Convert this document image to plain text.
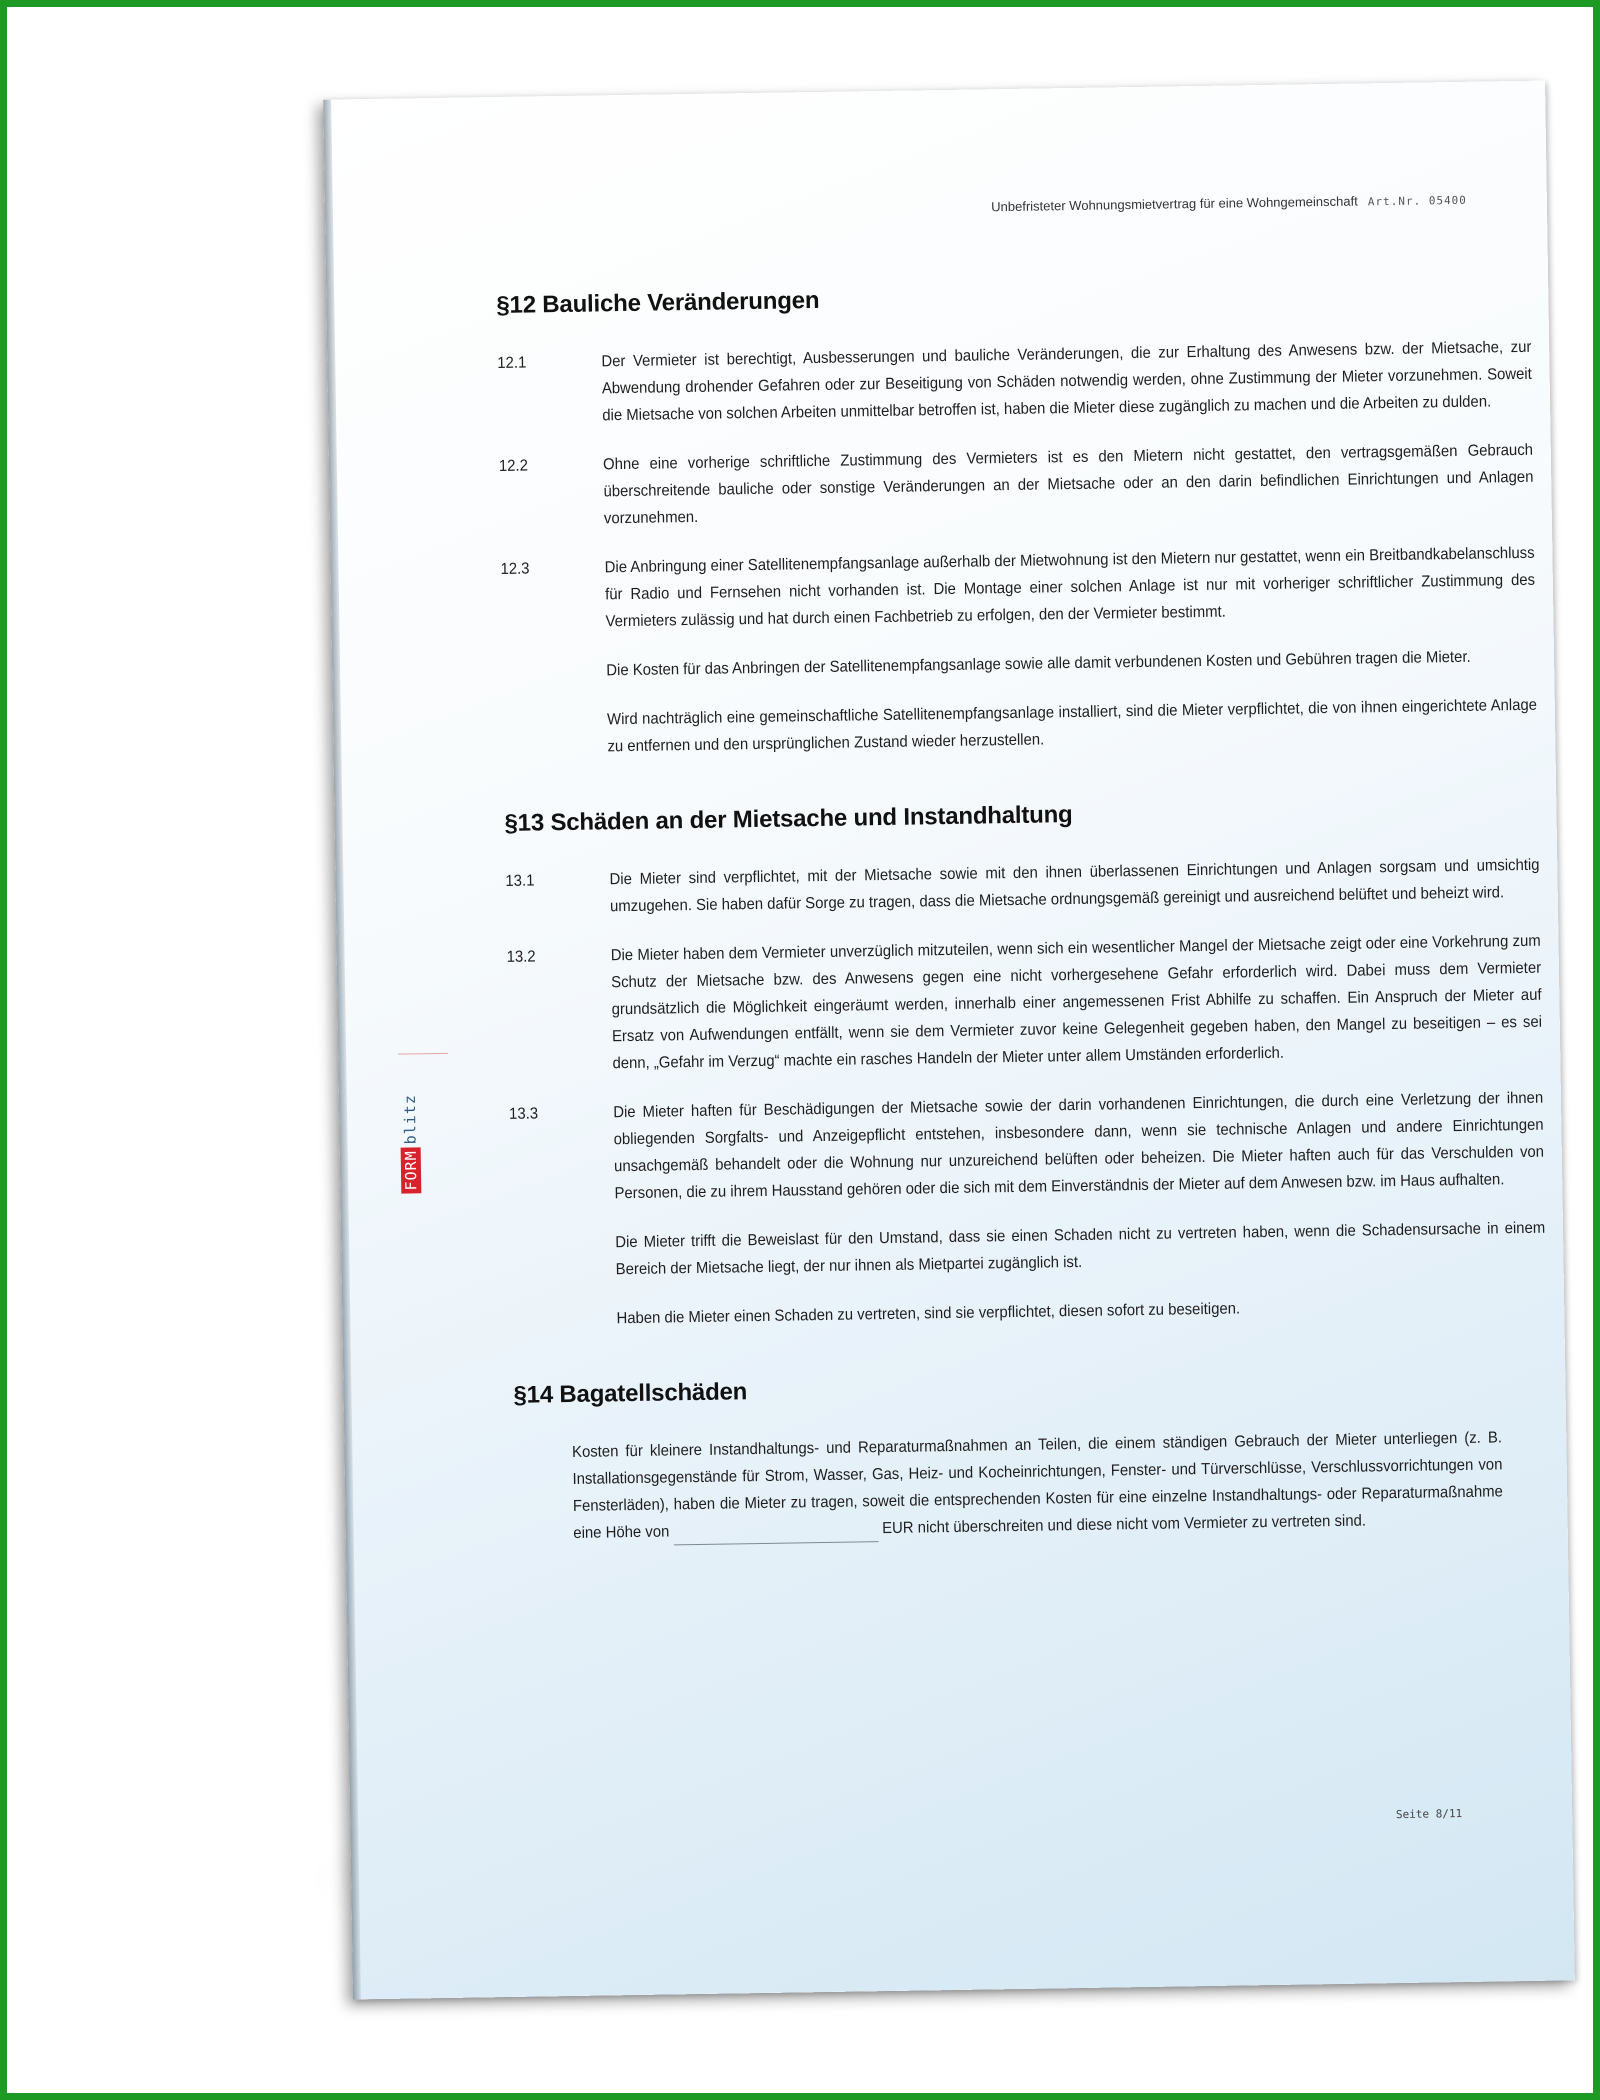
Unbefristeter Wohnungsmietvertrag für eine Wohngemeinschaft Art.Nr. 05400
FORMblitz
§12 Bauliche Veränderungen
12.1	Der Vermieter ist berechtigt, Ausbesserungen und bauliche Veränderungen, die zur Erhaltung des Anwesens bzw. der Mietsache, zur Abwendung drohender Gefahren oder zur Beseitigung von Schäden notwendig werden, ohne Zustimmung der Mieter vorzunehmen. Soweit die Mietsache von solchen Arbeiten unmittelbar betroffen ist, haben die Mieter diese zugänglich zu machen und die Arbeiten zu dulden.
12.2	Ohne eine vorherige schriftliche Zustimmung des Vermieters ist es den Mietern nicht gestattet, den vertragsgemäßen Gebrauch überschreitende bauliche oder sonstige Veränderungen an der Mietsache oder an den darin befindlichen Einrichtungen und Anlagen vorzunehmen.
12.3	Die Anbringung einer Satellitenempfangsanlage außerhalb der Mietwohnung ist den Mietern nur gestattet, wenn ein Breitbandkabelanschluss für Radio und Fernsehen nicht vorhanden ist. Die Montage einer solchen Anlage ist nur mit vorheriger schriftlicher Zustimmung des Vermieters zulässig und hat durch einen Fachbetrieb zu erfolgen, den der Vermieter bestimmt.
Die Kosten für das Anbringen der Satellitenempfangsanlage sowie alle damit verbundenen Kosten und Gebühren tragen die Mieter.
Wird nachträglich eine gemeinschaftliche Satellitenempfangsanlage installiert, sind die Mieter verpflichtet, die von ihnen eingerichtete Anlage zu entfernen und den ursprünglichen Zustand wieder herzustellen.
§13 Schäden an der Mietsache und Instandhaltung
13.1	Die Mieter sind verpflichtet, mit der Mietsache sowie mit den ihnen überlassenen Einrichtungen und Anlagen sorgsam und umsichtig umzugehen. Sie haben dafür Sorge zu tragen, dass die Mietsache ordnungsgemäß gereinigt und ausreichend belüftet und beheizt wird.
13.2	Die Mieter haben dem Vermieter unverzüglich mitzuteilen, wenn sich ein wesentlicher Mangel der Mietsache zeigt oder eine Vorkehrung zum Schutz der Mietsache bzw. des Anwesens gegen eine nicht vorhergesehene Gefahr erforderlich wird. Dabei muss dem Vermieter grundsätzlich die Möglichkeit eingeräumt werden, innerhalb einer angemessenen Frist Abhilfe zu schaffen. Ein Anspruch der Mieter auf Ersatz von Aufwendungen entfällt, wenn sie dem Vermieter zuvor keine Gelegenheit gegeben haben, den Mangel zu beseitigen – es sei denn, „Gefahr im Verzug“ machte ein rasches Handeln der Mieter unter allem Umständen erforderlich.
13.3	Die Mieter haften für Beschädigungen der Mietsache sowie der darin vorhandenen Einrichtungen, die durch eine Verletzung der ihnen obliegenden Sorgfalts- und Anzeigepflicht entstehen, insbesondere dann, wenn sie technische Anlagen und andere Einrichtungen unsachgemäß behandelt oder die Wohnung nur unzureichend belüften oder beheizen. Die Mieter haften auch für das Verschulden von Personen, die zu ihrem Hausstand gehören oder die sich mit dem Einverständnis der Mieter auf dem Anwesen bzw. im Haus aufhalten.
Die Mieter trifft die Beweislast für den Umstand, dass sie einen Schaden nicht zu vertreten haben, wenn die Schadensursache in einem Bereich der Mietsache liegt, der nur ihnen als Mietpartei zugänglich ist.
Haben die Mieter einen Schaden zu vertreten, sind sie verpflichtet, diesen sofort zu beseitigen.
§14 Bagatellschäden
Kosten für kleinere Instandhaltungs- und Reparaturmaßnahmen an Teilen, die einem ständigen Gebrauch der Mieter unterliegen (z. B. Installationsgegenstände für Strom, Wasser, Gas, Heiz- und Kocheinrichtungen, Fenster- und Türverschlüsse, Verschlussvorrichtungen von Fensterläden), haben die Mieter zu tragen, soweit die entsprechenden Kosten für eine einzelne Instandhaltungs- oder Reparaturmaßnahme eine Höhe von	EUR nicht überschreiten und diese nicht vom Vermieter zu vertreten sind.
Seite 8/11
